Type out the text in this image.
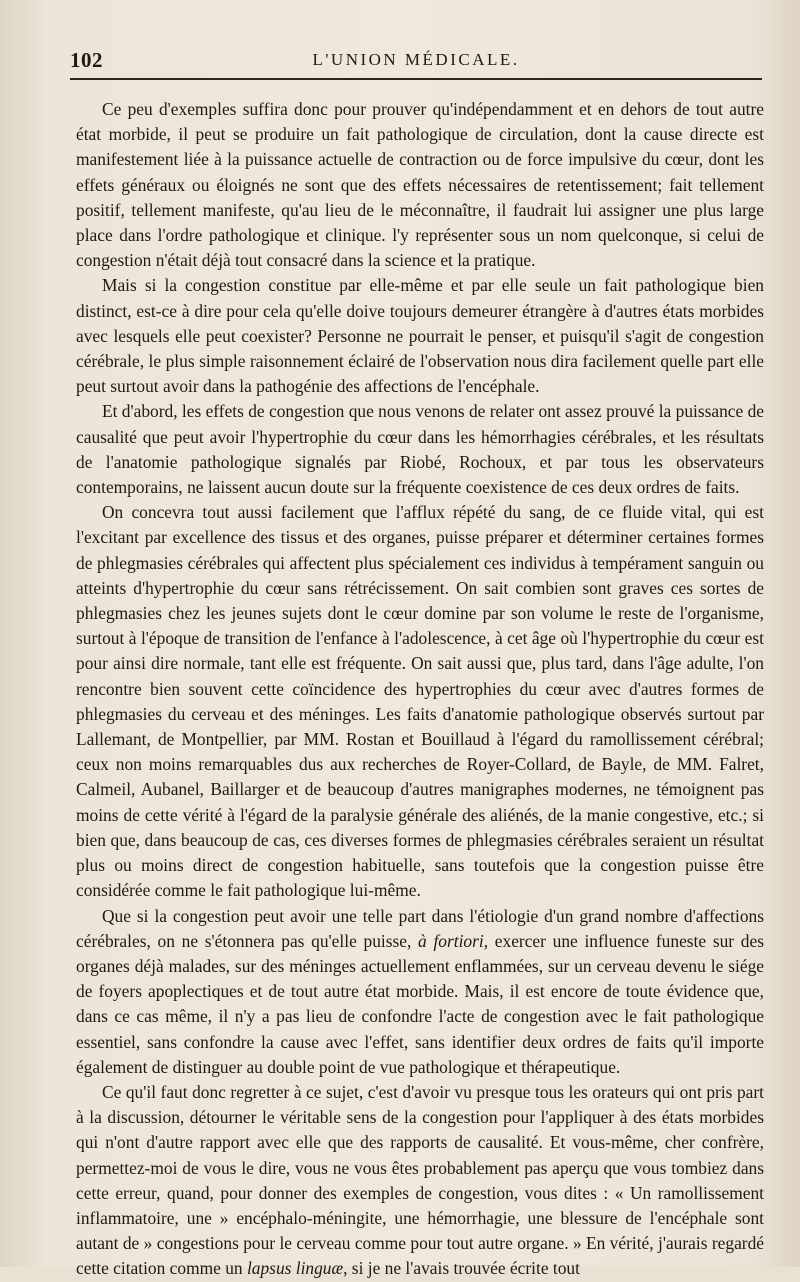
102	L'UNION MÉDICALE.

Ce peu d'exemples suffira donc pour prouver qu'indépendamment et en dehors de tout autre état morbide, il peut se produire un fait pathologique de circulation, dont la cause directe est manifestement liée à la puissance actuelle de contraction ou de force impulsive du cœur, dont les effets généraux ou éloignés ne sont que des effets nécessaires de retentissement; fait tellement positif, tellement manifeste, qu'au lieu de le méconnaître, il faudrait lui assigner une plus large place dans l'ordre pathologique et clinique. l'y représenter sous un nom quelconque, si celui de congestion n'était déjà tout consacré dans la science et la pratique.

Mais si la congestion constitue par elle-même et par elle seule un fait pathologique bien distinct, est-ce à dire pour cela qu'elle doive toujours demeurer étrangère à d'autres états morbides avec lesquels elle peut coexister? Personne ne pourrait le penser, et puisqu'il s'agit de congestion cérébrale, le plus simple raisonnement éclairé de l'observation nous dira facilement quelle part elle peut surtout avoir dans la pathogénie des affections de l'encéphale.

Et d'abord, les effets de congestion que nous venons de relater ont assez prouvé la puissance de causalité que peut avoir l'hypertrophie du cœur dans les hémorrhagies cérébrales, et les résultats de l'anatomie pathologique signalés par Riobé, Rochoux, et par tous les observateurs contemporains, ne laissent aucun doute sur la fréquente coexistence de ces deux ordres de faits.

On concevra tout aussi facilement que l'afflux répété du sang, de ce fluide vital, qui est l'excitant par excellence des tissus et des organes, puisse préparer et déterminer certaines formes de phlegmasies cérébrales qui affectent plus spécialement ces individus à tempérament sanguin ou atteints d'hypertrophie du cœur sans rétrécissement. On sait combien sont graves ces sortes de phlegmasies chez les jeunes sujets dont le cœur domine par son volume le reste de l'organisme, surtout à l'époque de transition de l'enfance à l'adolescence, à cet âge où l'hypertrophie du cœur est pour ainsi dire normale, tant elle est fréquente. On sait aussi que, plus tard, dans l'âge adulte, l'on rencontre bien souvent cette coïncidence des hypertrophies du cœur avec d'autres formes de phlegmasies du cerveau et des méninges. Les faits d'anatomie pathologique observés surtout par Lallemant, de Montpellier, par MM. Rostan et Bouillaud à l'égard du ramollissement cérébral; ceux non moins remarquables dus aux recherches de Royer-Collard, de Bayle, de MM. Falret, Calmeil, Aubanel, Baillarger et de beaucoup d'autres manigraphes modernes, ne témoignent pas moins de cette vérité à l'égard de la paralysie générale des aliénés, de la manie congestive, etc.; si bien que, dans beaucoup de cas, ces diverses formes de phlegmasies cérébrales seraient un résultat plus ou moins direct de congestion habituelle, sans toutefois que la congestion puisse être considérée comme le fait pathologique lui-même.

Que si la congestion peut avoir une telle part dans l'étiologie d'un grand nombre d'affections cérébrales, on ne s'étonnera pas qu'elle puisse, à fortiori, exercer une influence funeste sur des organes déjà malades, sur des méninges actuellement enflammées, sur un cerveau devenu le siége de foyers apoplectiques et de tout autre état morbide. Mais, il est encore de toute évidence que, dans ce cas même, il n'y a pas lieu de confondre l'acte de congestion avec le fait pathologique essentiel, sans confondre la cause avec l'effet, sans identifier deux ordres de faits qu'il importe également de distinguer au double point de vue pathologique et thérapeutique.

Ce qu'il faut donc regretter à ce sujet, c'est d'avoir vu presque tous les orateurs qui ont pris part à la discussion, détourner le véritable sens de la congestion pour l'appliquer à des états morbides qui n'ont d'autre rapport avec elle que des rapports de causalité. Et vous-même, cher confrère, permettez-moi de vous le dire, vous ne vous êtes probablement pas aperçu que vous tombiez dans cette erreur, quand, pour donner des exemples de congestion, vous dites : « Un ramollissement inflammatoire, une » encéphalo-méningite, une hémorrhagie, une blessure de l'encéphale sont autant de » congestions pour le cerveau comme pour tout autre organe. » En vérité, j'aurais regardé cette citation comme un lapsus linguæ, si je ne l'avais trouvée écrite tout
